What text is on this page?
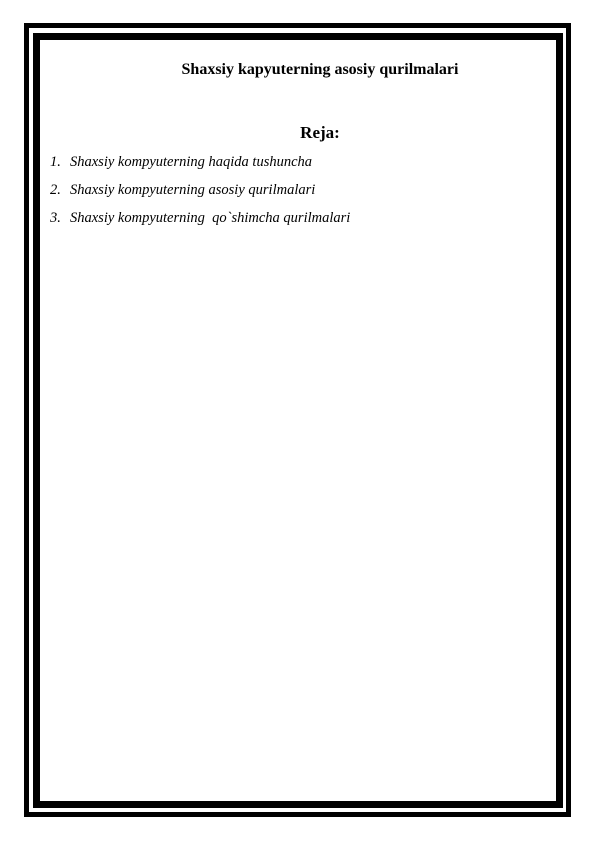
Shaxsiy kapyuterning asosiy qurilmalari
Reja:
1. Shaxsiy kompyuterning haqida tushuncha
2. Shaxsiy kompyuterning asosiy qurilmalari
3. Shaxsiy kompyuterning  qo`shimcha qurilmalari
